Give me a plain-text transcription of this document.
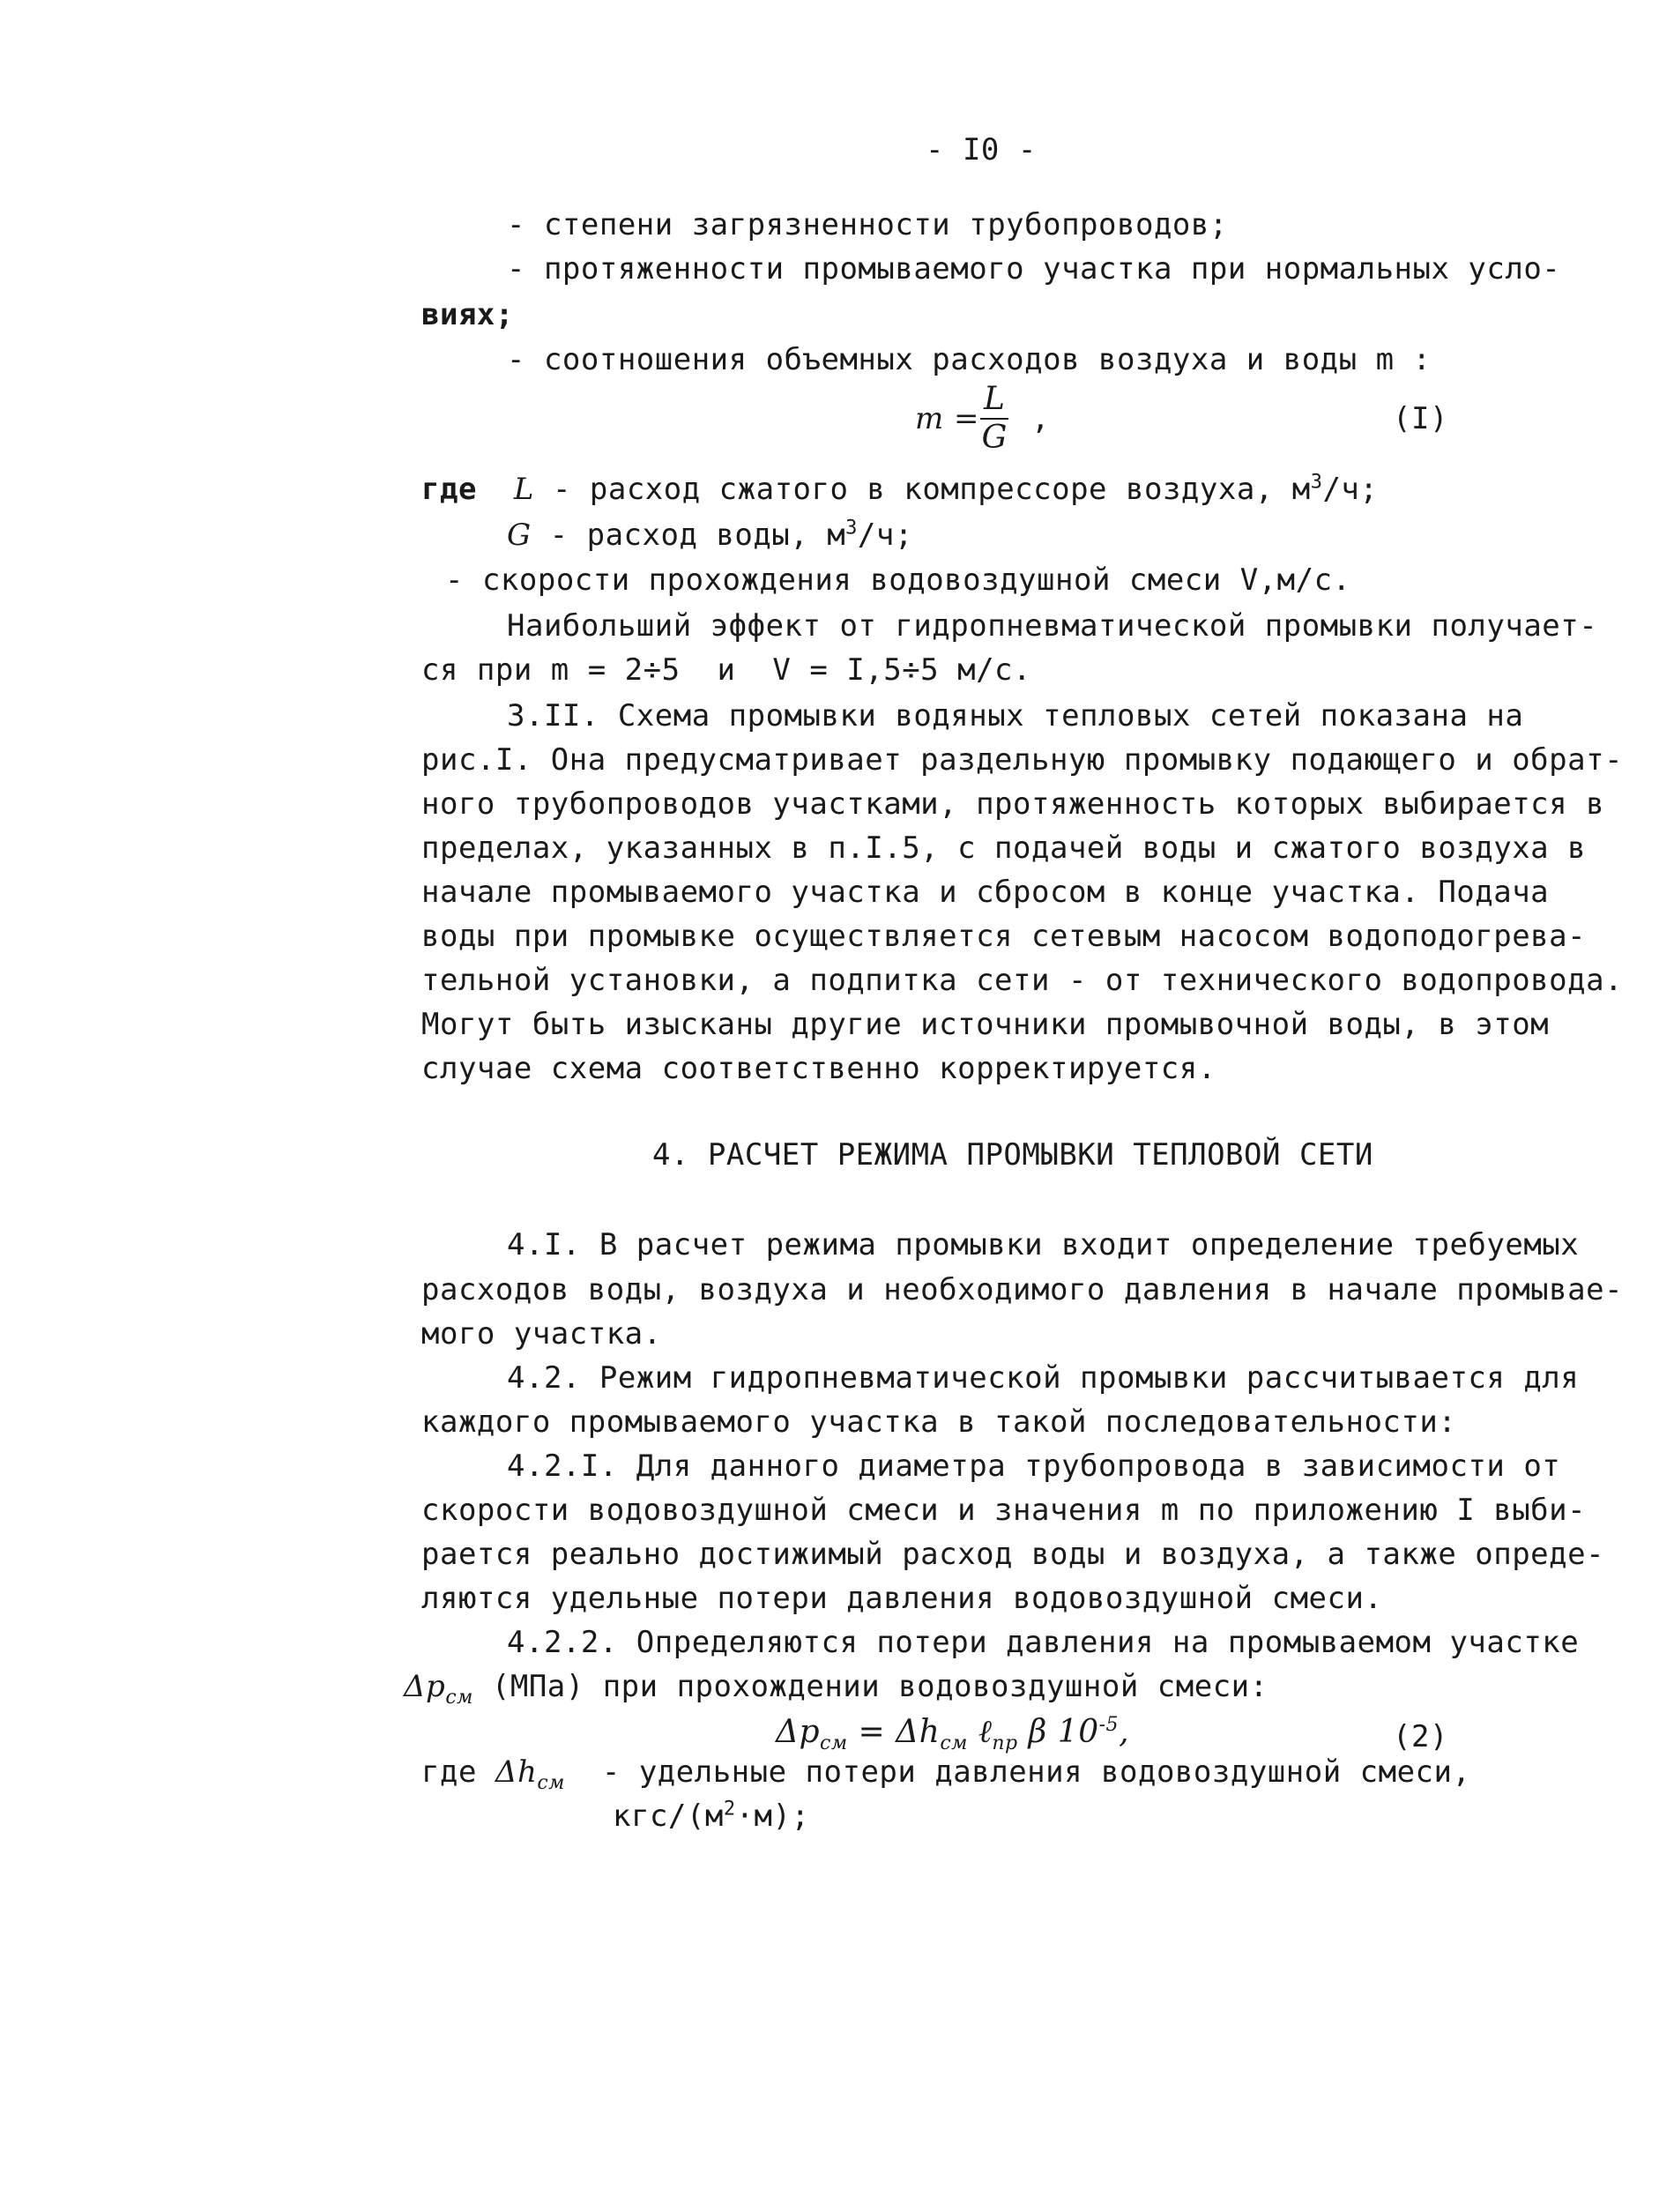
- I0 -
- степени загрязненности трубопроводов;
- протяженности промываемого участка при нормальных усло-
виях;
- соотношения объемных расходов воздуха и воды m :
$m = \frac{L}{G}$ ,	(I)
где L - расход сжатого в компрессоре воздуха, $м^3/ч$;
G - расход воды, $м^3/ч$;
- скорости прохождения водовоздушной смеси V,м/с.
Наибольший эффект от гидропневматической промывки получает-
ся при m = 2÷5  и  V = I,5÷5 м/с.
3.II. Схема промывки водяных тепловых сетей показана на
рис.I. Она предусматривает раздельную промывку подающего и обрат-
ного трубопроводов участками, протяженность которых выбирается в
пределах, указанных в п.I.5, с подачей воды и сжатого воздуха в
начале промываемого участка и сбросом в конце участка. Подача
воды при промывке осуществляется сетевым насосом водоподогрева-
тельной установки, а подпитка сети - от технического водопровода.
Могут быть изысканы другие источники промывочной воды, в этом
случае схема соответственно корректируется.
4. РАСЧЕТ РЕЖИМА ПРОМЫВКИ ТЕПЛОВОЙ СЕТИ
4.I. В расчет режима промывки входит определение требуемых
расходов воды, воздуха и необходимого давления в начале промывае-
мого участка.
4.2. Режим гидропневматической промывки рассчитывается для
каждого промываемого участка в такой последовательности:
4.2.I. Для данного диаметра трубопровода в зависимости от
скорости водовоздушной смеси и значения m по приложению I выби-
рается реально достижимый расход воды и воздуха, а также опреде-
ляются удельные потери давления водовоздушной смеси.
4.2.2. Определяются потери давления на промываемом участке
$\Delta p_{см}$ (МПа) при прохождении водовоздушной смеси:
$\Delta p_{см} = \Delta h_{см}$ ℓ$_{пр}$ β $10^{-5}$,	(2)
где $\Delta h_{см}$ - удельные потери давления водовоздушной смеси,
кгс/$(м^2\cdot м)$;
